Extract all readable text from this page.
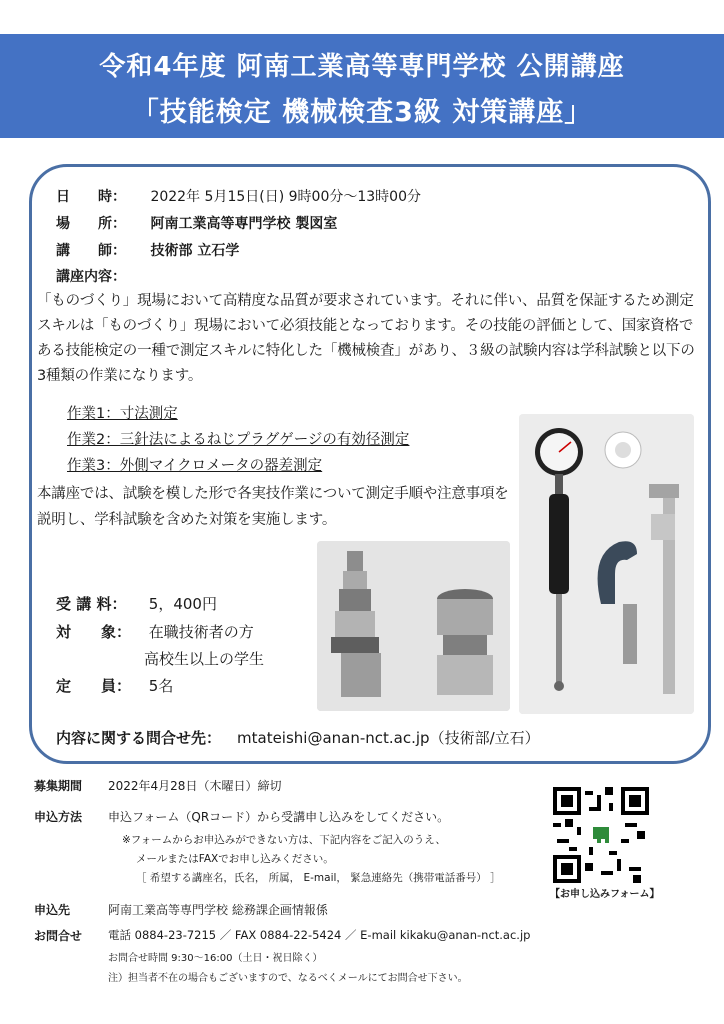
令和4年度 阿南工業高等専門学校 公開講座
「技能検定 機械検査3級 対策講座」
日　　時： 2022年 5月15日(日) 9時00分～13時00分
場　　所： 阿南工業高等専門学校 製図室
講　　師： 技術部 立石学
講座内容：
「ものづくり」現場において高精度な品質が要求されています。それに伴い、品質を保証するため測定スキルは「ものづくり」現場において必須技能となっております。その技能の評価として、国家資格である技能検定の一種で測定スキルに特化した「機械検査」があり、３級の試験内容は学科試験と以下の3種類の作業になります。
作業1：寸法測定
作業2：三針法によるねじプラグゲージの有効径測定
作業3：外側マイクロメータの器差測定
本講座では、試験を模した形で各実技作業について測定手順や注意事項を説明し、学科試験を含めた対策を実施します。
受 講 料： 5，400円
対　　象： 在職技術者の方
高校生以上の学生
定　　員： 5名
内容に関する問合せ先： mtateishi@anan-nct.ac.jp（技術部/立石）
募集期間 2022年4月28日（木曜日）締切
申込方法 申込フォーム（QRコード）から受講申し込みをしてください。
※フォームからお申込みができない方は、下記内容をご記入のうえ、
メールまたはFAXでお申し込みください。
［ 希望する講座名，氏名， 所属， E-mail， 緊急連絡先（携帯電話番号） ］
申込先	阿南工業高等専門学校 総務課企画情報係
お問合せ 電話 0884-23-7215 ／ FAX 0884-22-5424 ／ E-mail kikaku@anan-nct.ac.jp
お問合せ時間 9:30～16:00（土日・祝日除く）
注）担当者不在の場合もございますので、なるべくメールにてお問合せ下さい。
【お申し込みフォーム】
